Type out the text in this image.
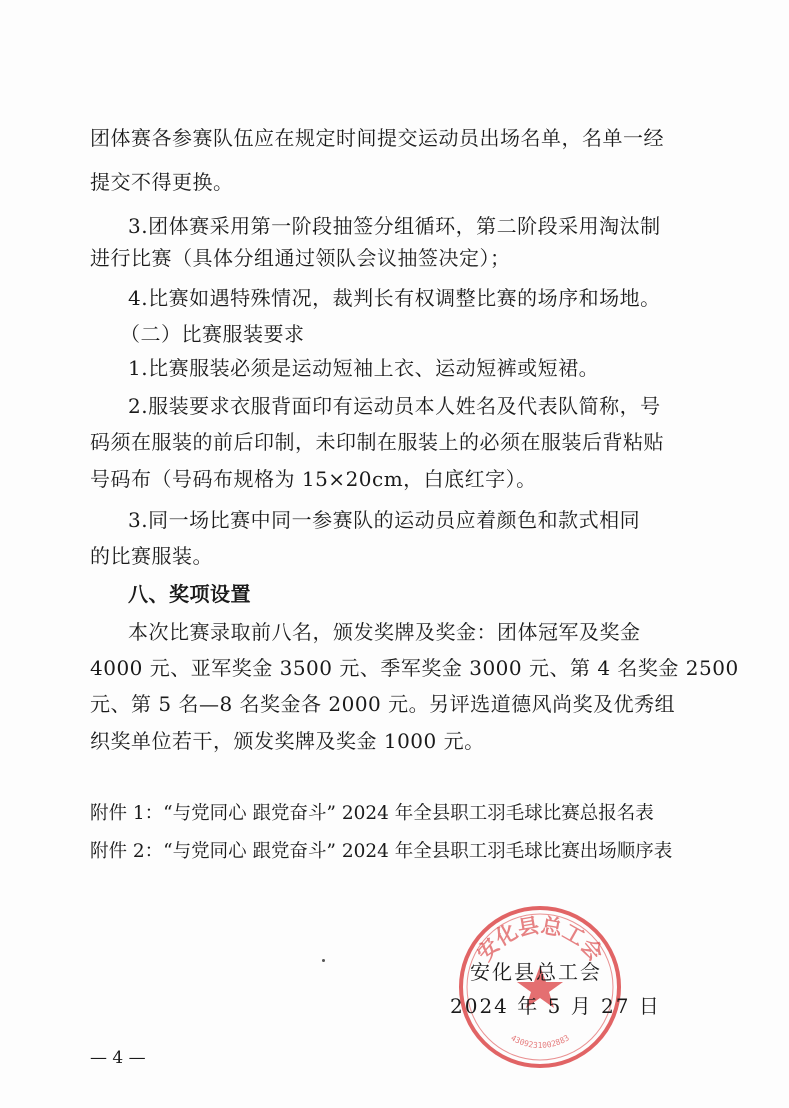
团体赛各参赛队伍应在规定时间提交运动员出场名单，名单一经
提交不得更换。
3.团体赛采用第一阶段抽签分组循环，第二阶段采用淘汰制
进行比赛（具体分组通过领队会议抽签决定）；
4.比赛如遇特殊情况，裁判长有权调整比赛的场序和场地。
（二）比赛服装要求
1.比赛服装必须是运动短袖上衣、运动短裤或短裙。
2.服装要求衣服背面印有运动员本人姓名及代表队简称，号
码须在服装的前后印制，未印制在服装上的必须在服装后背粘贴
号码布（号码布规格为 15×20cm，白底红字）。
3.同一场比赛中同一参赛队的运动员应着颜色和款式相同
的比赛服装。
八、奖项设置
本次比赛录取前八名，颁发奖牌及奖金：团体冠军及奖金
4000 元、亚军奖金 3500 元、季军奖金 3000 元、第 4 名奖金 2500
元、第 5 名—8 名奖金各 2000 元。另评选道德风尚奖及优秀组
织奖单位若干，颁发奖牌及奖金 1000 元。
附件 1：“与党同心 跟党奋斗” 2024 年全县职工羽毛球比赛总报名表
附件 2：“与党同心 跟党奋斗” 2024 年全县职工羽毛球比赛出场顺序表
安化县总工会
4309231002883
安化县总工会
2024 年 5 月 27 日
— 4 —
